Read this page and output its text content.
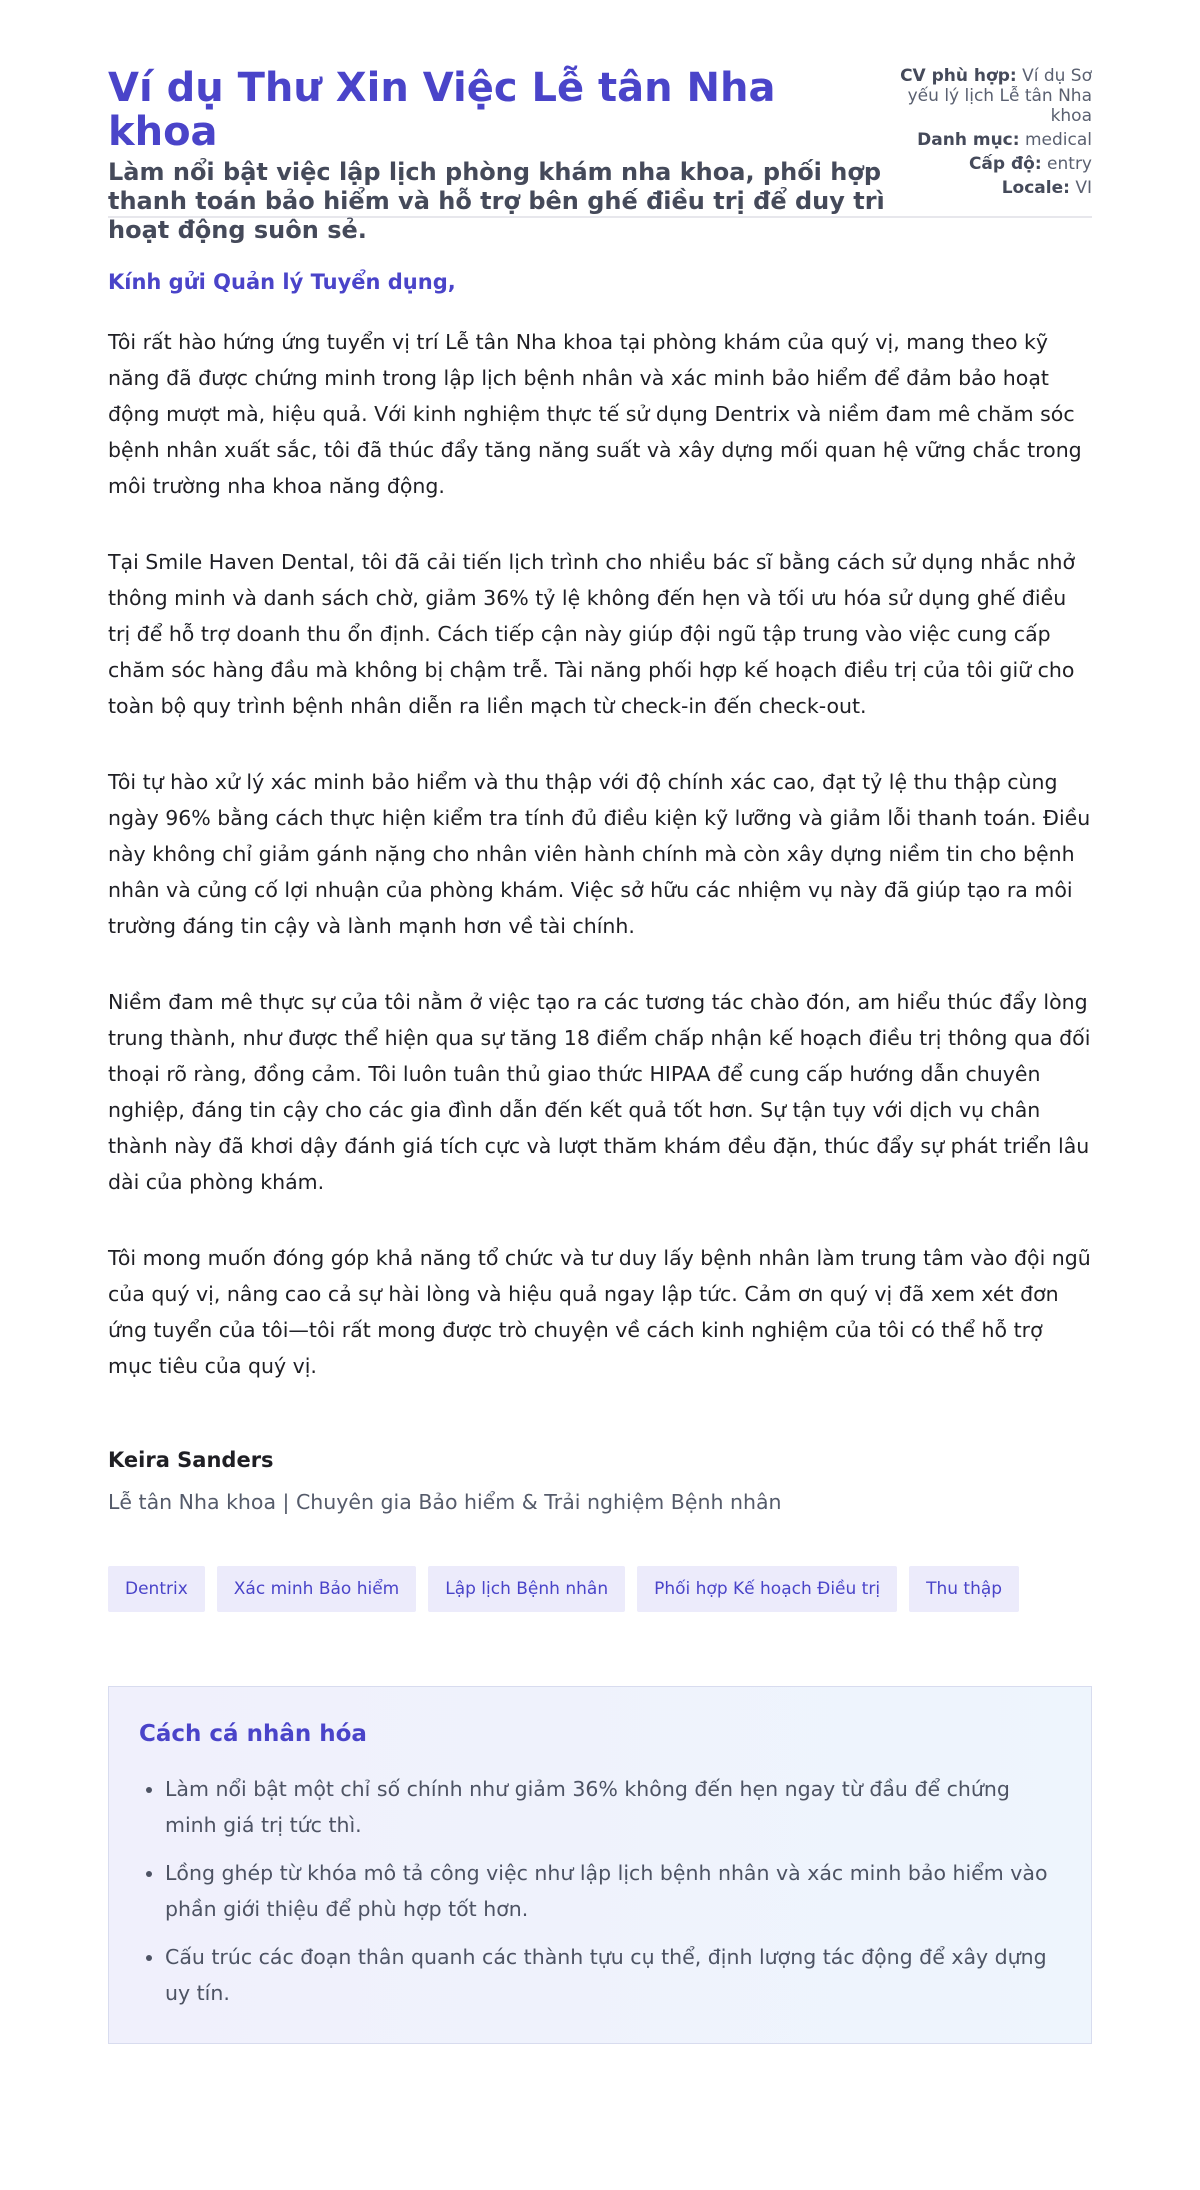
Ví dụ Thư Xin Việc Lễ tân Nha khoa
Làm nổi bật việc lập lịch phòng khám nha khoa, phối hợp thanh toán bảo hiểm và hỗ trợ bên ghế điều trị để duy trì hoạt động suôn sẻ.
CV phù hợp: Ví dụ Sơ yếu lý lịch Lễ tân Nha khoa
Danh mục: medical
Cấp độ: entry
Locale: VI

Kính gửi Quản lý Tuyển dụng,

Tôi rất hào hứng ứng tuyển vị trí Lễ tân Nha khoa tại phòng khám của quý vị, mang theo kỹ năng đã được chứng minh trong lập lịch bệnh nhân và xác minh bảo hiểm để đảm bảo hoạt động mượt mà, hiệu quả. Với kinh nghiệm thực tế sử dụng Dentrix và niềm đam mê chăm sóc bệnh nhân xuất sắc, tôi đã thúc đẩy tăng năng suất và xây dựng mối quan hệ vững chắc trong môi trường nha khoa năng động.

Tại Smile Haven Dental, tôi đã cải tiến lịch trình cho nhiều bác sĩ bằng cách sử dụng nhắc nhở thông minh và danh sách chờ, giảm 36% tỷ lệ không đến hẹn và tối ưu hóa sử dụng ghế điều trị để hỗ trợ doanh thu ổn định. Cách tiếp cận này giúp đội ngũ tập trung vào việc cung cấp chăm sóc hàng đầu mà không bị chậm trễ. Tài năng phối hợp kế hoạch điều trị của tôi giữ cho toàn bộ quy trình bệnh nhân diễn ra liền mạch từ check-in đến check-out.

Tôi tự hào xử lý xác minh bảo hiểm và thu thập với độ chính xác cao, đạt tỷ lệ thu thập cùng ngày 96% bằng cách thực hiện kiểm tra tính đủ điều kiện kỹ lưỡng và giảm lỗi thanh toán. Điều này không chỉ giảm gánh nặng cho nhân viên hành chính mà còn xây dựng niềm tin cho bệnh nhân và củng cố lợi nhuận của phòng khám. Việc sở hữu các nhiệm vụ này đã giúp tạo ra môi trường đáng tin cậy và lành mạnh hơn về tài chính.

Niềm đam mê thực sự của tôi nằm ở việc tạo ra các tương tác chào đón, am hiểu thúc đẩy lòng trung thành, như được thể hiện qua sự tăng 18 điểm chấp nhận kế hoạch điều trị thông qua đối thoại rõ ràng, đồng cảm. Tôi luôn tuân thủ giao thức HIPAA để cung cấp hướng dẫn chuyên nghiệp, đáng tin cậy cho các gia đình dẫn đến kết quả tốt hơn. Sự tận tụy với dịch vụ chân thành này đã khơi dậy đánh giá tích cực và lượt thăm khám đều đặn, thúc đẩy sự phát triển lâu dài của phòng khám.

Tôi mong muốn đóng góp khả năng tổ chức và tư duy lấy bệnh nhân làm trung tâm vào đội ngũ của quý vị, nâng cao cả sự hài lòng và hiệu quả ngay lập tức. Cảm ơn quý vị đã xem xét đơn ứng tuyển của tôi—tôi rất mong được trò chuyện về cách kinh nghiệm của tôi có thể hỗ trợ mục tiêu của quý vị.

Keira Sanders

Lễ tân Nha khoa | Chuyên gia Bảo hiểm & Trải nghiệm Bệnh nhân

Dentrix	Xác minh Bảo hiểm	Lập lịch Bệnh nhân	Phối hợp Kế hoạch Điều trị	Thu thập
Cách cá nhân hóa
• Làm nổi bật một chỉ số chính như giảm 36% không đến hẹn ngay từ đầu để chứng minh giá trị tức thì.
• Lồng ghép từ khóa mô tả công việc như lập lịch bệnh nhân và xác minh bảo hiểm vào phần giới thiệu để phù hợp tốt hơn.
• Cấu trúc các đoạn thân quanh các thành tựu cụ thể, định lượng tác động để xây dựng uy tín.
